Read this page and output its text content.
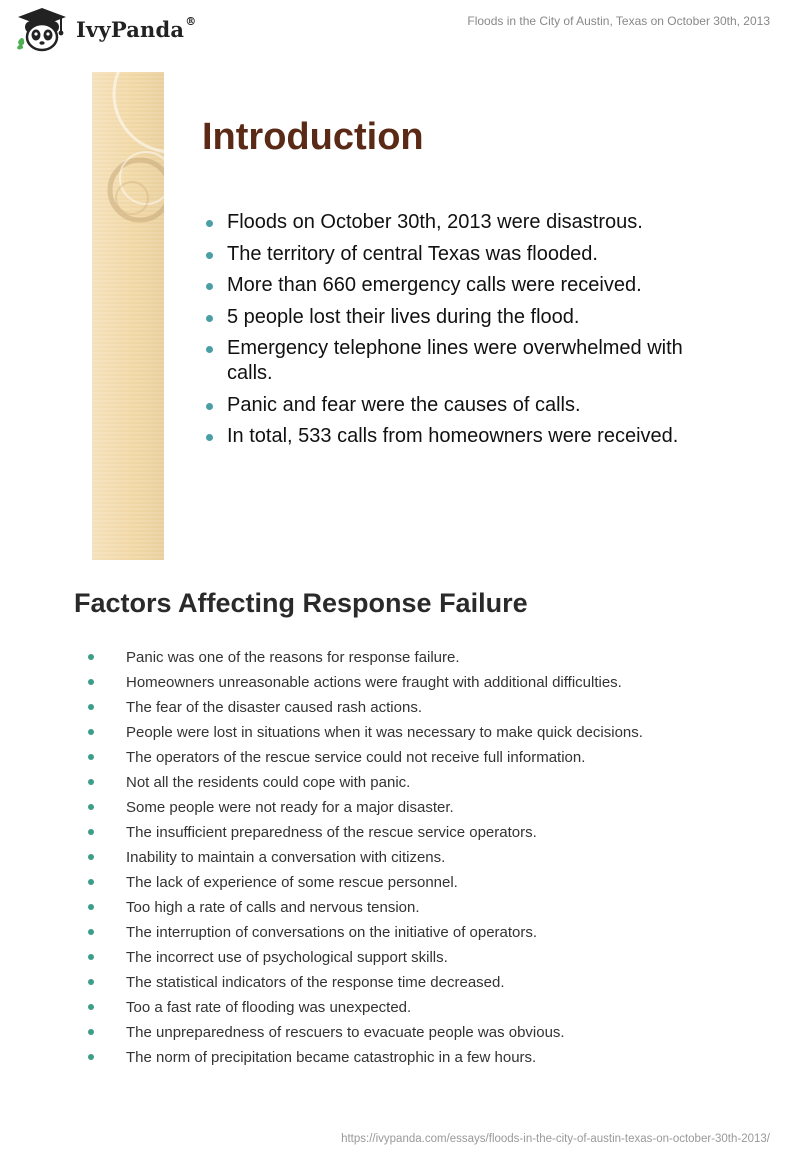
IvyPanda®	Floods in the City of Austin, Texas on October 30th, 2013
Introduction
Floods on October 30th, 2013 were disastrous.
The territory of central Texas was flooded.
More than 660 emergency calls were received.
5 people lost their lives during the flood.
Emergency telephone lines were overwhelmed with calls.
Panic and fear were the causes of calls.
In total, 533 calls from homeowners were received.
Factors Affecting Response Failure
Panic was one of the reasons for response failure.
Homeowners unreasonable actions were fraught with additional difficulties.
The fear of the disaster caused rash actions.
People were lost in situations when it was necessary to make quick decisions.
The operators of the rescue service could not receive full information.
Not all the residents could cope with panic.
Some people were not ready for a major disaster.
The insufficient preparedness of the rescue service operators.
Inability to maintain a conversation with citizens.
The lack of experience of some rescue personnel.
Too high a rate of calls and nervous tension.
The interruption of conversations on the initiative of operators.
The incorrect use of psychological support skills.
The statistical indicators of the response time decreased.
Too a fast rate of flooding was unexpected.
The unpreparedness of rescuers to evacuate people was obvious.
The norm of precipitation became catastrophic in a few hours.
https://ivypanda.com/essays/floods-in-the-city-of-austin-texas-on-october-30th-2013/
